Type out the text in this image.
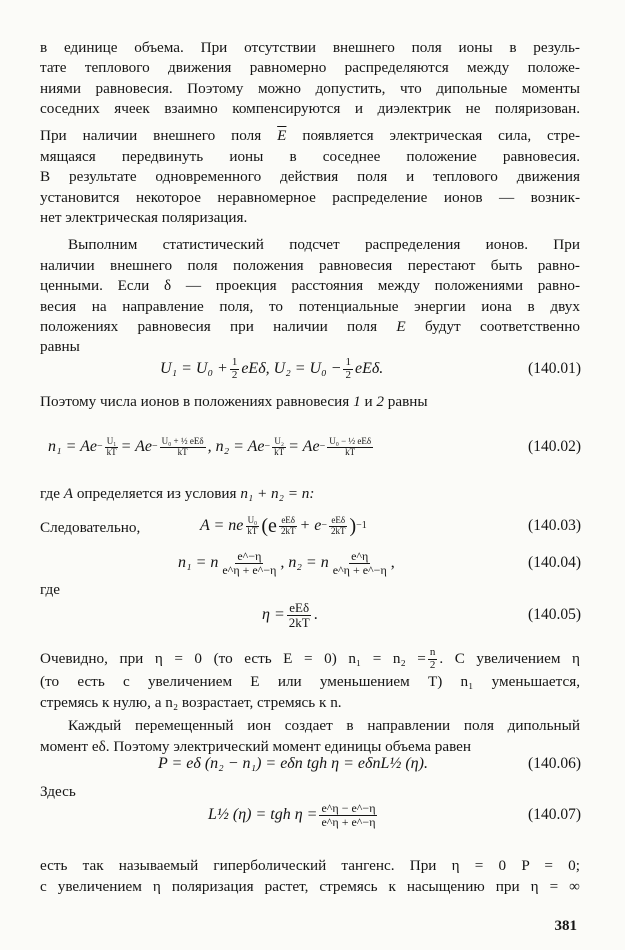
в единице объема. При отсутствии внешнего поля ионы в резуль-
тате теплового движения равномерно распределяются между положе-
ниями равновесия. Поэтому можно допустить, что дипольные моменты
соседних ячеек взаимно компенсируются и диэлектрик не поляризован.
При наличии внешнего поля $\overline{E}$ появляется электрическая сила, стре-
мящаяся передвинуть ионы в соседнее положение равновесия.
В результате одновременного действия поля и теплового движения
установится некоторое неравномерное распределение ионов — возник-
нет электрическая поляризация.
Выполним статистический подсчет распределения ионов. При
наличии внешнего поля положения равновесия перестают быть равно-
ценными. Если δ — проекция расстояния между положениями равно-
весия на направление поля, то потенциальные энергии иона в двух
положениях равновесия при наличии поля E будут соответственно
равны
$U_1 = U_0 + \frac{1}{2} eE\delta$, $U_2 = U_0 - \frac{1}{2} eE\delta$.	(140.01)
Поэтому числа ионов в положениях равновесия 1 и 2 равны
$n_1 = Ae - \frac{\text{U₁}}{kT} = Ae - \frac{\text{U₀ + ½ eEδ}}{kT}$ , $n_2 = Ae - \frac{\text{U₂}}{kT} = Ae - \frac{\text{U₀ − ½ eEδ}}{kT}$	(140.02)
где A определяется из условия n₁ + n₂ = n:
A = ne $\frac{\text{U₀}}{kT} (e \frac{\text{eEδ}}{2kT} + e - \frac{\text{eEδ}}{2kT}$ ) −1	(140.03)
Следовательно,
n₁ = n $\frac{e\^{}-\eta}{e\^{}\eta + e\^{}-\eta}$ , n₂ = n $\frac{e\^{}\eta}{e\^{}\eta + e\^{}-\eta}$ ,	(140.04)
где
$\eta = \frac{\text{eEδ}}{2kT}$ .	(140.05)
Очевидно, при η = 0 (то есть E = 0) $n_1 = n_2 = \frac{n}{2}$ . С увеличением η
(то есть с увеличением E или уменьшением T) n₁ уменьшается,
стремясь к нулю, а n₂ возрастает, стремясь к n.
Каждый перемещенный ион создает в направлении поля дипольный
момент eδ. Поэтому электрический момент единицы объема равен
P = eδ (n₂ − n₁) = eδn tgh η = eδnL½ (η).	(140.06)
Здесь
L½ (η) = tgh $\eta = \frac{e\^{}\eta - e\^{}-\eta}{e\^{}\eta + e\^{}-\eta}$	(140.07)
есть так называемый гиперболический тангенс. При η = 0 P = 0;
с увеличением η поляризация растет, стремясь к насыщению при η = ∞
381
